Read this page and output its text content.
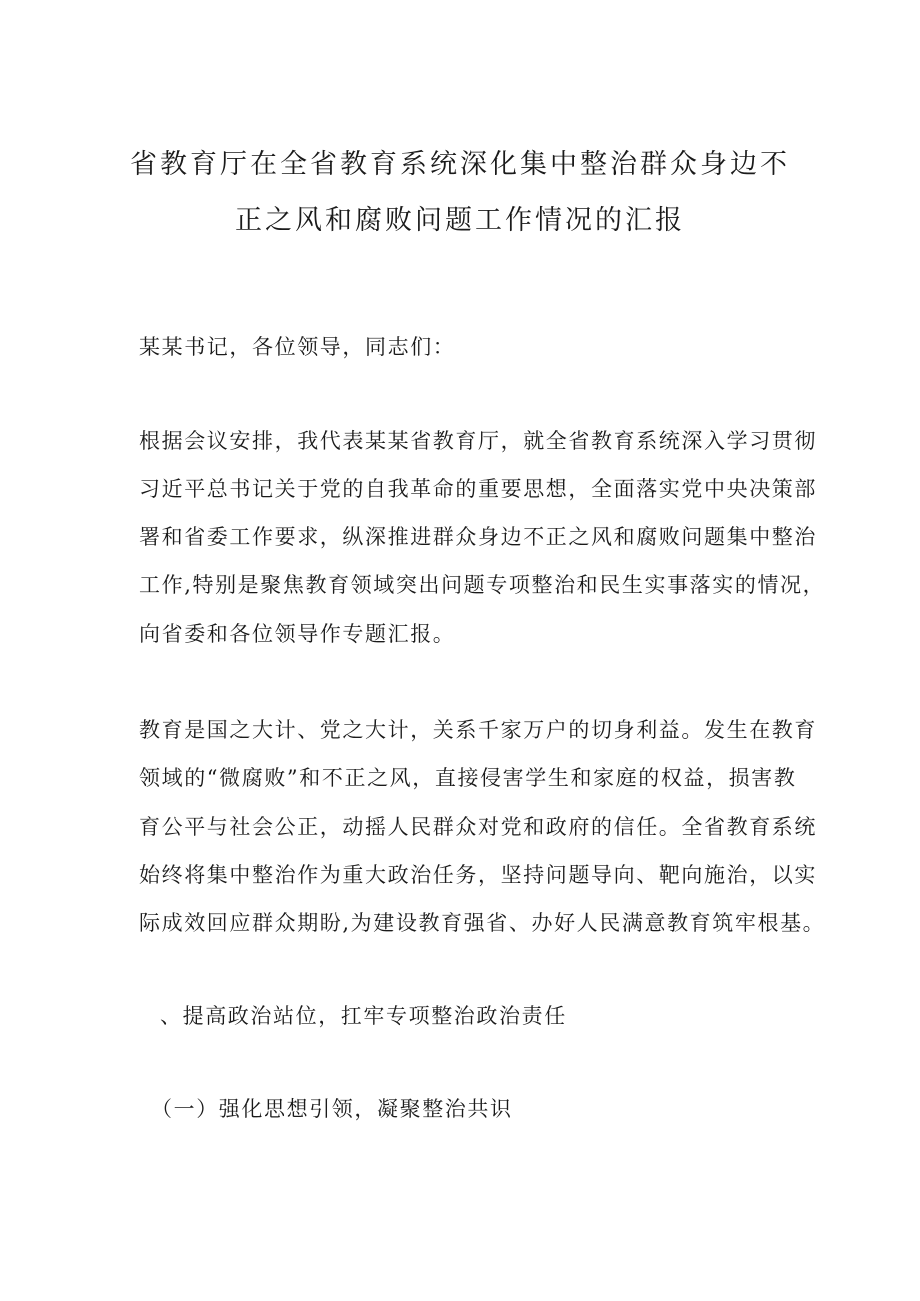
省教育厅在全省教育系统深化集中整治群众身边不
正之风和腐败问题工作情况的汇报
某某书记，各位领导，同志们：
根据会议安排，我代表某某省教育厅，就全省教育系统深入学习贯彻
习近平总书记关于党的自我革命的重要思想，全面落实党中央决策部
署和省委工作要求，纵深推进群众身边不正之风和腐败问题集中整治
工作,特别是聚焦教育领域突出问题专项整治和民生实事落实的情况，
向省委和各位领导作专题汇报。
教育是国之大计、党之大计，关系千家万户的切身利益。发生在教育
领域的“微腐败”和不正之风，直接侵害学生和家庭的权益，损害教
育公平与社会公正，动摇人民群众对党和政府的信任。全省教育系统
始终将集中整治作为重大政治任务，坚持问题导向、靶向施治，以实
际成效回应群众期盼,为建设教育强省、办好人民满意教育筑牢根基。
、提高政治站位，扛牢专项整治政治责任
（一）强化思想引领，凝聚整治共识
